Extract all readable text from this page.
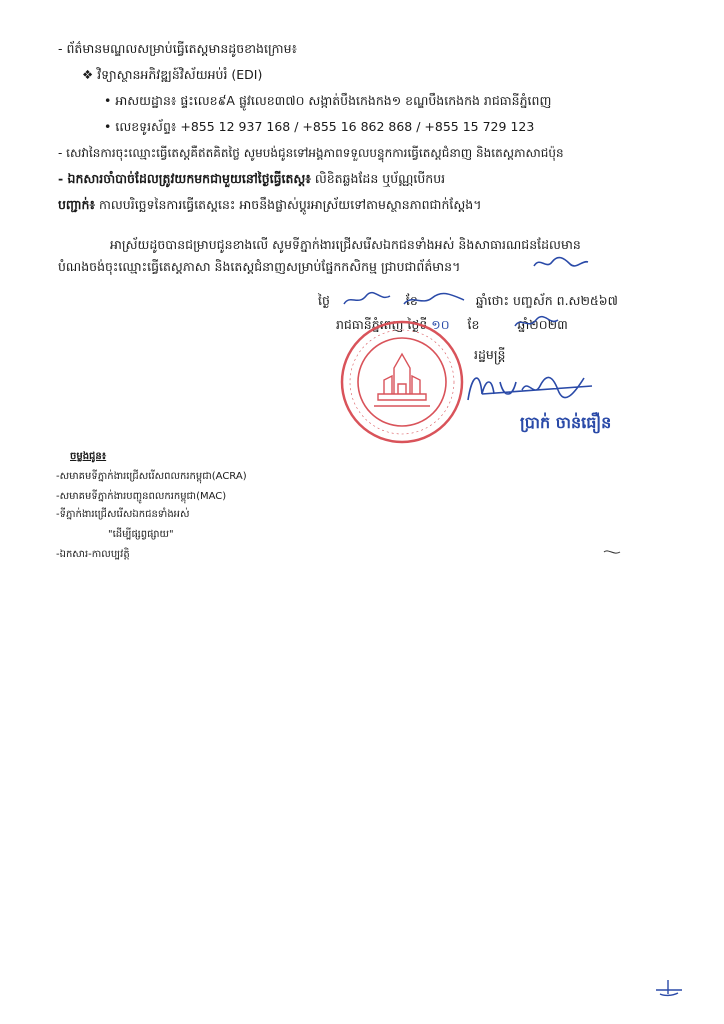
- ព័ត៌មានមណ្ឌលសម្រាប់ធ្វើតេស្តមានដូចខាងក្រោម៖
❖ វិទ្យាស្ថានអភិវឌ្ឍន៍វិស័យអប់រំ (EDI)
• អាសយដ្ឋាន៖ ផ្ទះលេខ៩A ផ្លូវលេខ៣៧០ សង្កាត់បឹងកេងកង១ ខណ្ឌបឹងកេងកង រាជធានីភ្នំពេញ
• លេខទូរស័ព្ទ៖ +855 12 937 168 / +855 16 862 868 / +855 15 729 123
- សេវានៃការចុះឈ្មោះធ្វើតេស្តគឺឥតគិតថ្លៃ សូមបង់ជូនទៅអង្គភាពទទួលបន្ទុកការធ្វើតេស្តជំនាញ និងតេស្តភាសាជប៉ុន
- ឯកសារចាំបាច់ដែលត្រូវយកមកជាមួយនៅថ្ងៃធ្វើតេស្ត៖ លិខិតឆ្លងដែន ឬប័ណ្ណបើកបរ
បញ្ជាក់៖ កាលបរិច្ឆេទនៃការធ្វើតេស្តនេះ អាចនឹងផ្លាស់ប្តូរអាស្រ័យទៅតាមស្ថានភាពជាក់ស្តែង។
អាស្រ័យដូចបានជម្រាបជូនខាងលើ សូមទីភ្នាក់ងារជ្រើសរើសឯកជនទាំងអស់ និងសាធារណជនដែលមាន
បំណងចង់ចុះឈ្មោះធ្វើតេស្តភាសា និងតេស្តជំនាញសម្រាប់ផ្នែកកសិកម្ម ជ្រាបជាព័ត៌មាន។
ថ្ងៃ	ខែ	ឆ្នាំថោះ បញ្ចស័ក ព.ស២៥៦៧
រាជធានីភ្នំពេញ ថ្ងៃទី ១០ ខែ	ឆ្នាំ២០២៣
រដ្ឋមន្ត្រី
ប្រាក់ ចាន់ធឿន
ចម្លងជូន៖
-សមាគមទីភ្នាក់ងារជ្រើសរើសពលករកម្ពុជា(ACRA)
-សមាគមទីភ្នាក់ងារបញ្ជូនពលករកម្ពុជា(MAC)
-ទីភ្នាក់ងារជ្រើសរើសឯកជនទាំងអស់
"ដើម្បីផ្សព្វផ្សាយ"
-ឯកសារ-កាលប្បវត្តិ
